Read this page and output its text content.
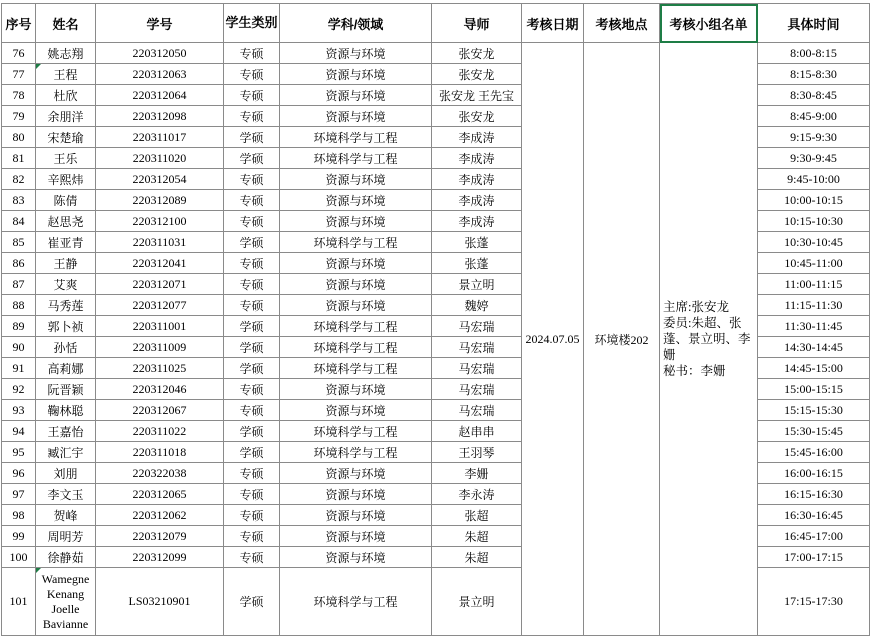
序号	姓名	学号	学生类别	学科/领域	导师	考核日期	考核地点	考核小组名单	具体时间
76	姚志翔	220312050	专硕	资源与环境	张安龙	2024.07.05	环境楼202	主席:张安龙
委员:朱超、张蓬、景立明、李姗
秘书：李姗	8:00-8:15
77	王程	220312063	专硕	资源与环境	张安龙				8:15-8:30
78	杜欣	220312064	专硕	资源与环境	张安龙 王先宝				8:30-8:45
79	余朋洋	220312098	专硕	资源与环境	张安龙				8:45-9:00
80	宋楚瑜	220311017	学硕	环境科学与工程	李成涛				9:15-9:30
81	王乐	220311020	学硕	环境科学与工程	李成涛				9:30-9:45
82	辛熙炜	220312054	专硕	资源与环境	李成涛				9:45-10:00
83	陈倩	220312089	专硕	资源与环境	李成涛				10:00-10:15
84	赵思尧	220312100	专硕	资源与环境	李成涛				10:15-10:30
85	崔亚青	220311031	学硕	环境科学与工程	张蓬				10:30-10:45
86	王静	220312041	专硕	资源与环境	张蓬				10:45-11:00
87	艾爽	220312071	专硕	资源与环境	景立明				11:00-11:15
88	马秀莲	220312077	专硕	资源与环境	魏婷				11:15-11:30
89	郭卜祯	220311001	学硕	环境科学与工程	马宏瑞				11:30-11:45
90	孙恬	220311009	学硕	环境科学与工程	马宏瑞				14:30-14:45
91	高莉娜	220311025	学硕	环境科学与工程	马宏瑞				14:45-15:00
92	阮晋颖	220312046	专硕	资源与环境	马宏瑞				15:00-15:15
93	鞠林聪	220312067	专硕	资源与环境	马宏瑞				15:15-15:30
94	王嘉怡	220311022	学硕	环境科学与工程	赵串串				15:30-15:45
95	臧汇宇	220311018	学硕	环境科学与工程	王羽琴				15:45-16:00
96	刘朋	220322038	专硕	资源与环境	李姗				16:00-16:15
97	李文玉	220312065	专硕	资源与环境	李永涛				16:15-16:30
98	贺峰	220312062	专硕	资源与环境	张超				16:30-16:45
99	周明芳	220312079	专硕	资源与环境	朱超				16:45-17:00
100	徐静茹	220312099	专硕	资源与环境	朱超				17:00-17:15
101	Wamegne Kenang Joelle Bavianne	LS03210901	学硕	环境科学与工程	景立明				17:15-17:30
